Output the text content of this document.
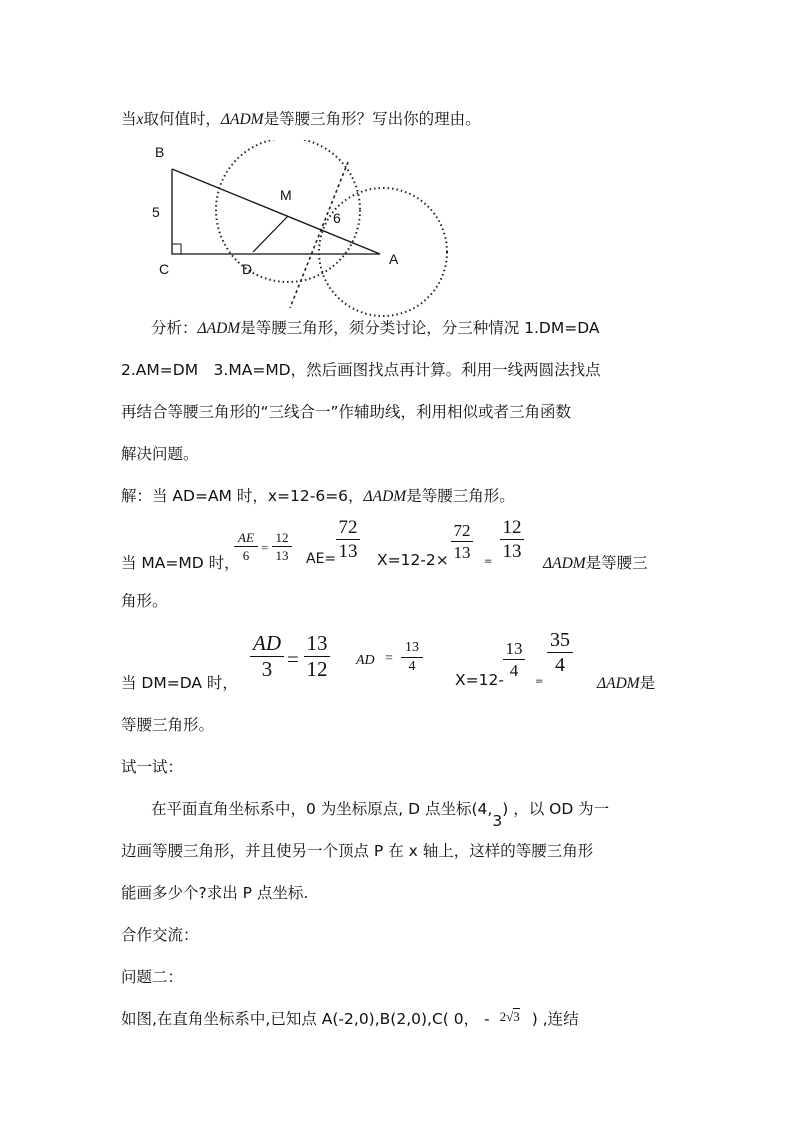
当x取何值时，ΔADM是等腰三角形？写出你的理由。
B
5
C	D
M
6
A
分析：ΔADM是等腰三角形，须分类讨论，分三种情况 1.DM=DA
2.AM=DM　3.MA=MD，然后画图找点再计算。利用一线两圆法找点
再结合等腰三角形的“三线合一”作辅助线，利用相似或者三角函数
解决问题。
解：当 AD=AM 时，x=12-6=6，ΔADM是等腰三角形。
当 MA=MD 时，
AE
6
=
12
13 AE=
72
13 X=12-2×
72
13 =
12
13
ΔADM是等腰三
角形。
当 DM=DA 时，
AD
3 =
13
12 AD =
13
4
X=12-
13
4
=
35
4
ΔADM是
等腰三角形。
试一试：
在平面直角坐标系中，0 为坐标原点, D 点坐标(4,3) ，以 OD 为一
边画等腰三角形，并且使另一个顶点 P 在 x 轴上，这样的等腰三角形
能画多少个?求出 P 点坐标.
合作交流：
问题二：
如图,在直角坐标系中,已知点 A(-2,0),B(2,0),C( 0， - 2√3 ) ,连结
